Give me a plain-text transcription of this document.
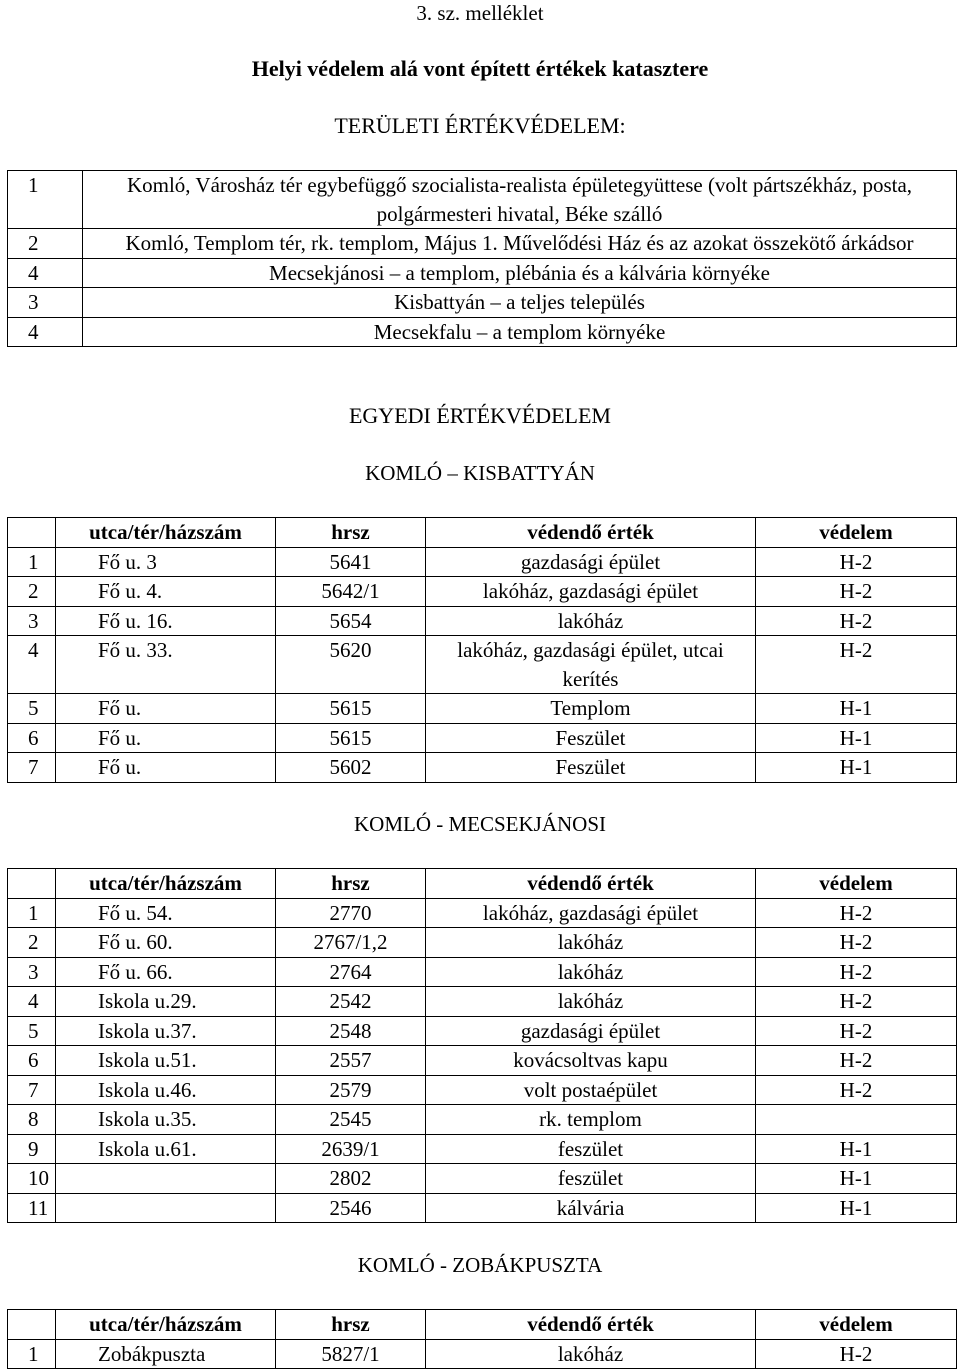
3. sz. melléklet
Helyi védelem alá vont épített értékek katasztere
TERÜLETI ÉRTÉKVÉDELEM:
1	Komló, Városház tér egybefüggő szocialista-realista épületegyüttese (volt pártszékház, posta, polgármesteri hivatal, Béke szálló
2	Komló, Templom tér, rk. templom, Május 1. Művelődési Ház és az azokat összekötő árkádsor
4	Mecsekjánosi – a templom, plébánia és a kálvária környéke
3	Kisbattyán – a teljes település
4	Mecsekfalu – a templom környéke
EGYEDI ÉRTÉKVÉDELEM
KOMLÓ – KISBATTYÁN
	utca/tér/házszám	hrsz	védendő érték	védelem
1	Fő u. 3	5641	gazdasági épület	H-2
2	Fő u. 4.	5642/1	lakóház, gazdasági épület	H-2
3	Fő u. 16.	5654	lakóház	H-2
4	Fő u. 33.	5620	lakóház, gazdasági épület, utcai kerítés	H-2
5	Fő u.	5615	Templom	H-1
6	Fő u.	5615	Feszület	H-1
7	Fő u.	5602	Feszület	H-1
KOMLÓ - MECSEKJÁNOSI
	utca/tér/házszám	hrsz	védendő érték	védelem
1	Fő u. 54.	2770	lakóház, gazdasági épület	H-2
2	Fő u. 60.	2767/1,2	lakóház	H-2
3	Fő u. 66.	2764	lakóház	H-2
4	Iskola u.29.	2542	lakóház	H-2
5	Iskola u.37.	2548	gazdasági épület	H-2
6	Iskola u.51.	2557	kovácsoltvas kapu	H-2
7	Iskola u.46.	2579	volt postaépület	H-2
8	Iskola u.35.	2545	rk. templom	
9	Iskola u.61.	2639/1	feszület	H-1
10		2802	feszület	H-1
11		2546	kálvária	H-1
KOMLÓ - ZOBÁKPUSZTA
	utca/tér/házszám	hrsz	védendő érték	védelem
1	Zobákpuszta	5827/1	lakóház	H-2
